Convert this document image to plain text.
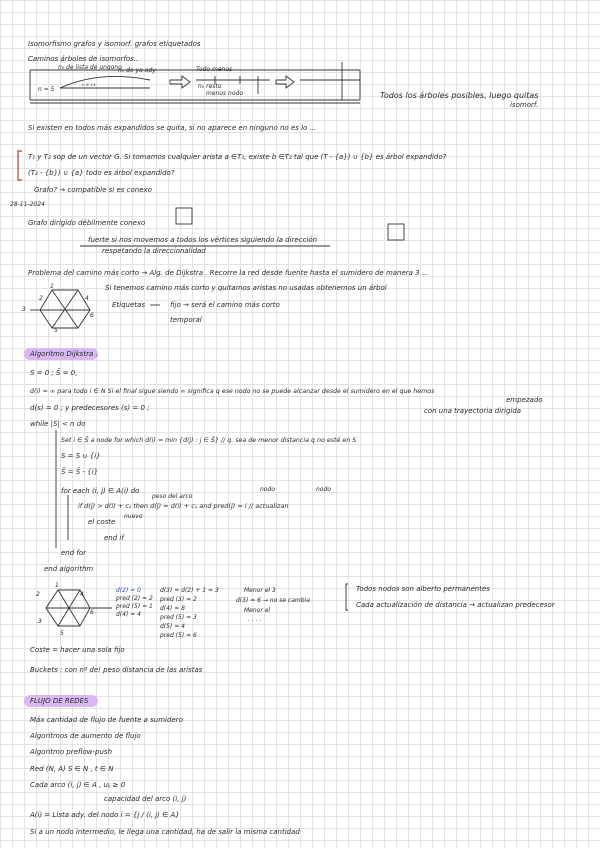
Isomorfismo grafos y isomorf. grafos etiquetados
Caminos árboles de isomorfos..
Todos los árboles posibles, luego quitas
isomorf.
Si existen en todos más expandidos se quita, si no aparece en ninguno no es lo ...
T₁ y T₂ sop de un vector G. Si tomamos cualquier arista a ∈T₁, existe b ∈T₂ tal que (T - {a}) ∪ {b} es árbol expandido?
(T₂ - {b}) ∪ {a} todo es árbol expandido?
Grafo? → compatible si es conexo
28-11-2024
Grafo dirigido débilmente conexo
fuerte si nos movemos a todos los vértices siguiendo la dirección
respetando la direccionalidad
Problema del camino más corto → Alg. de Dijkstra . Recorre la red desde fuente hasta el sumidero de manera 3 ...
Si tenemos camino más corto y quitamos aristas no usadas obtenemos un árbol
Etiquetas	fijo → será el camino más corto
temporal
Algoritmo Dijkstra .
S = 0 ; S̄ = 0,
d(i) = ∞ para todo i ∈ N Si el final sigue siendo ∞ significa q ese nodo no se puede alcanzar desde el sumidero en el que hemos
empezado
d(s) = 0 ; y predecesores (s) = 0 ;	con una trayectoria dirigida
while |S| < n do
Set i ∈ S̄ a node for which d(i) = min {d(j) : j ∈ S̄} // q. sea de menor distancia q no esté en S
S = S ∪ {i}
S̄ = S̄ - {i}
for each (i, j) ∈ A(i) do
if d(j) > d(i) + cᵢⱼ then d(j) = d(i) + cᵢⱼ and pred(j) = i // actualizan
el coste
end if
end for
end algorithm
Todos nodos son alberto permanentes
Cada actualización de distancia → actualizan predecesor
Coste = hacer una sola fijo
Buckets : con nº de! peso distancia de las aristas
FLUJO DE REDES
Máx cantidad de flujo de fuente a sumidero
Algoritmos de aumento de flujo
Algoritmo preflow-push
Red (N, A) S ∈ N , t ∈ N
Cada arco (i, j) ∈ A , uᵢⱼ ≥ 0
capacidad del arco (i, j)
A(i) = Lista ady. del nodo i = {j / (i, j) ∈ A}
Si a un nodo intermedio, le llega una cantidad, ha de salir la misma cantidad
n₀ de lista de ungono
n₀ de ya ady	Todo menos
n₀ resto
menos nodo
n = 5
ᵥ ₆ ᵥ₁
peso del arco
nodo	nodo
nuevo
d(2) = 0
pred (2) = 2
pred (5) = 1
d(4) = 4
d(3) = d(2) + 1 = 3
pred (3) = 2
d(4) = 8
pred (5) = 3
d(5) = 4
pred (5) = 6
Menor el 3
d(3) = 6 → no se cambia
Menor el
. . . .
1
2
3
4
5
6
1
2
3
4
5
6
